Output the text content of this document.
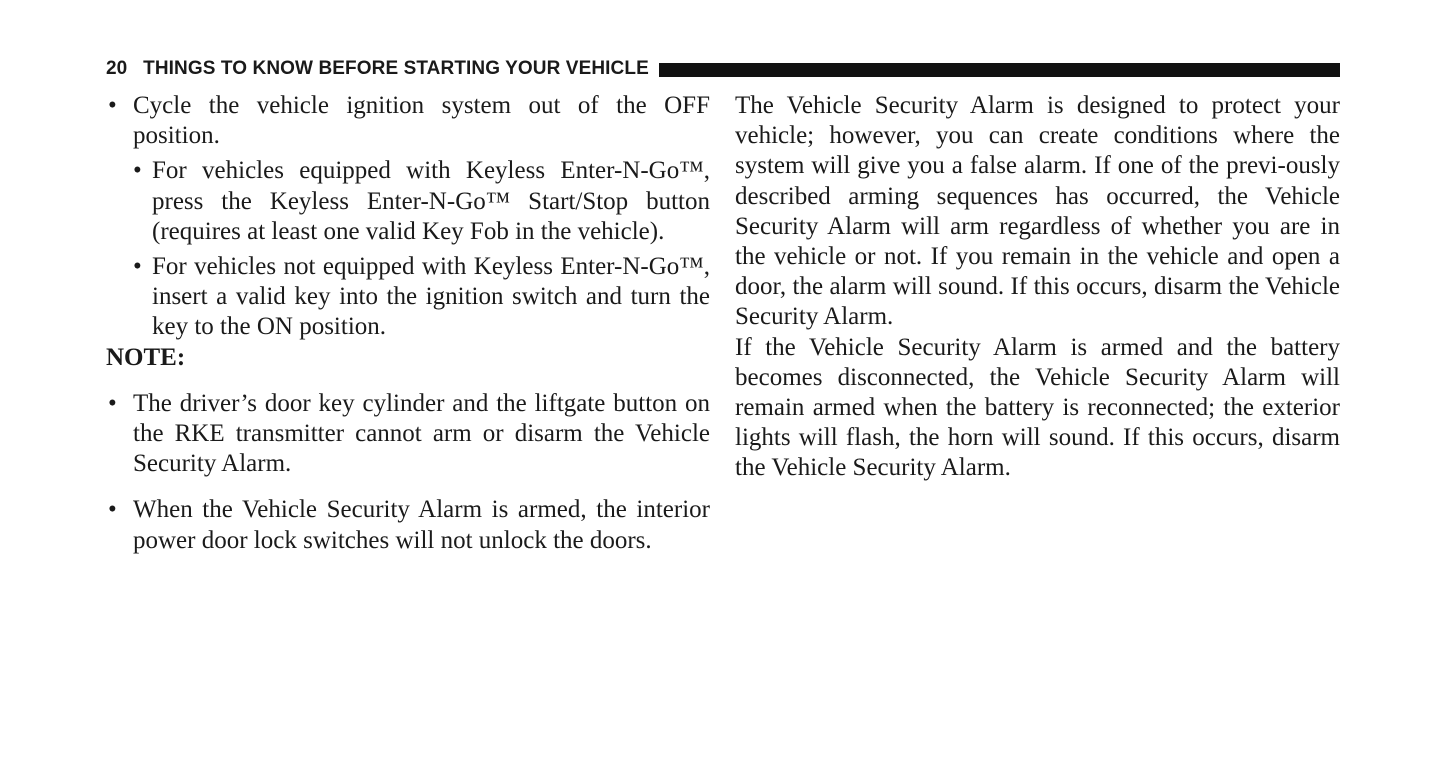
20 THINGS TO KNOW BEFORE STARTING YOUR VEHICLE

• Cycle the vehicle ignition system out of the OFF position.

• For vehicles equipped with Keyless Enter-N-Go™, press the Keyless Enter-N-Go™ Start/Stop button (requires at least one valid Key Fob in the vehicle).

• For vehicles not equipped with Keyless Enter-N-Go™, insert a valid key into the ignition switch and turn the key to the ON position.

NOTE:

• The driver’s door key cylinder and the liftgate button on the RKE transmitter cannot arm or disarm the Vehicle Security Alarm.

• When the Vehicle Security Alarm is armed, the interior power door lock switches will not unlock the doors.

The Vehicle Security Alarm is designed to protect your vehicle; however, you can create conditions where the system will give you a false alarm. If one of the previ-ously described arming sequences has occurred, the Vehicle Security Alarm will arm regardless of whether you are in the vehicle or not. If you remain in the vehicle and open a door, the alarm will sound. If this occurs, disarm the Vehicle Security Alarm.

If the Vehicle Security Alarm is armed and the battery becomes disconnected, the Vehicle Security Alarm will remain armed when the battery is reconnected; the exterior lights will flash, the horn will sound. If this occurs, disarm the Vehicle Security Alarm.
